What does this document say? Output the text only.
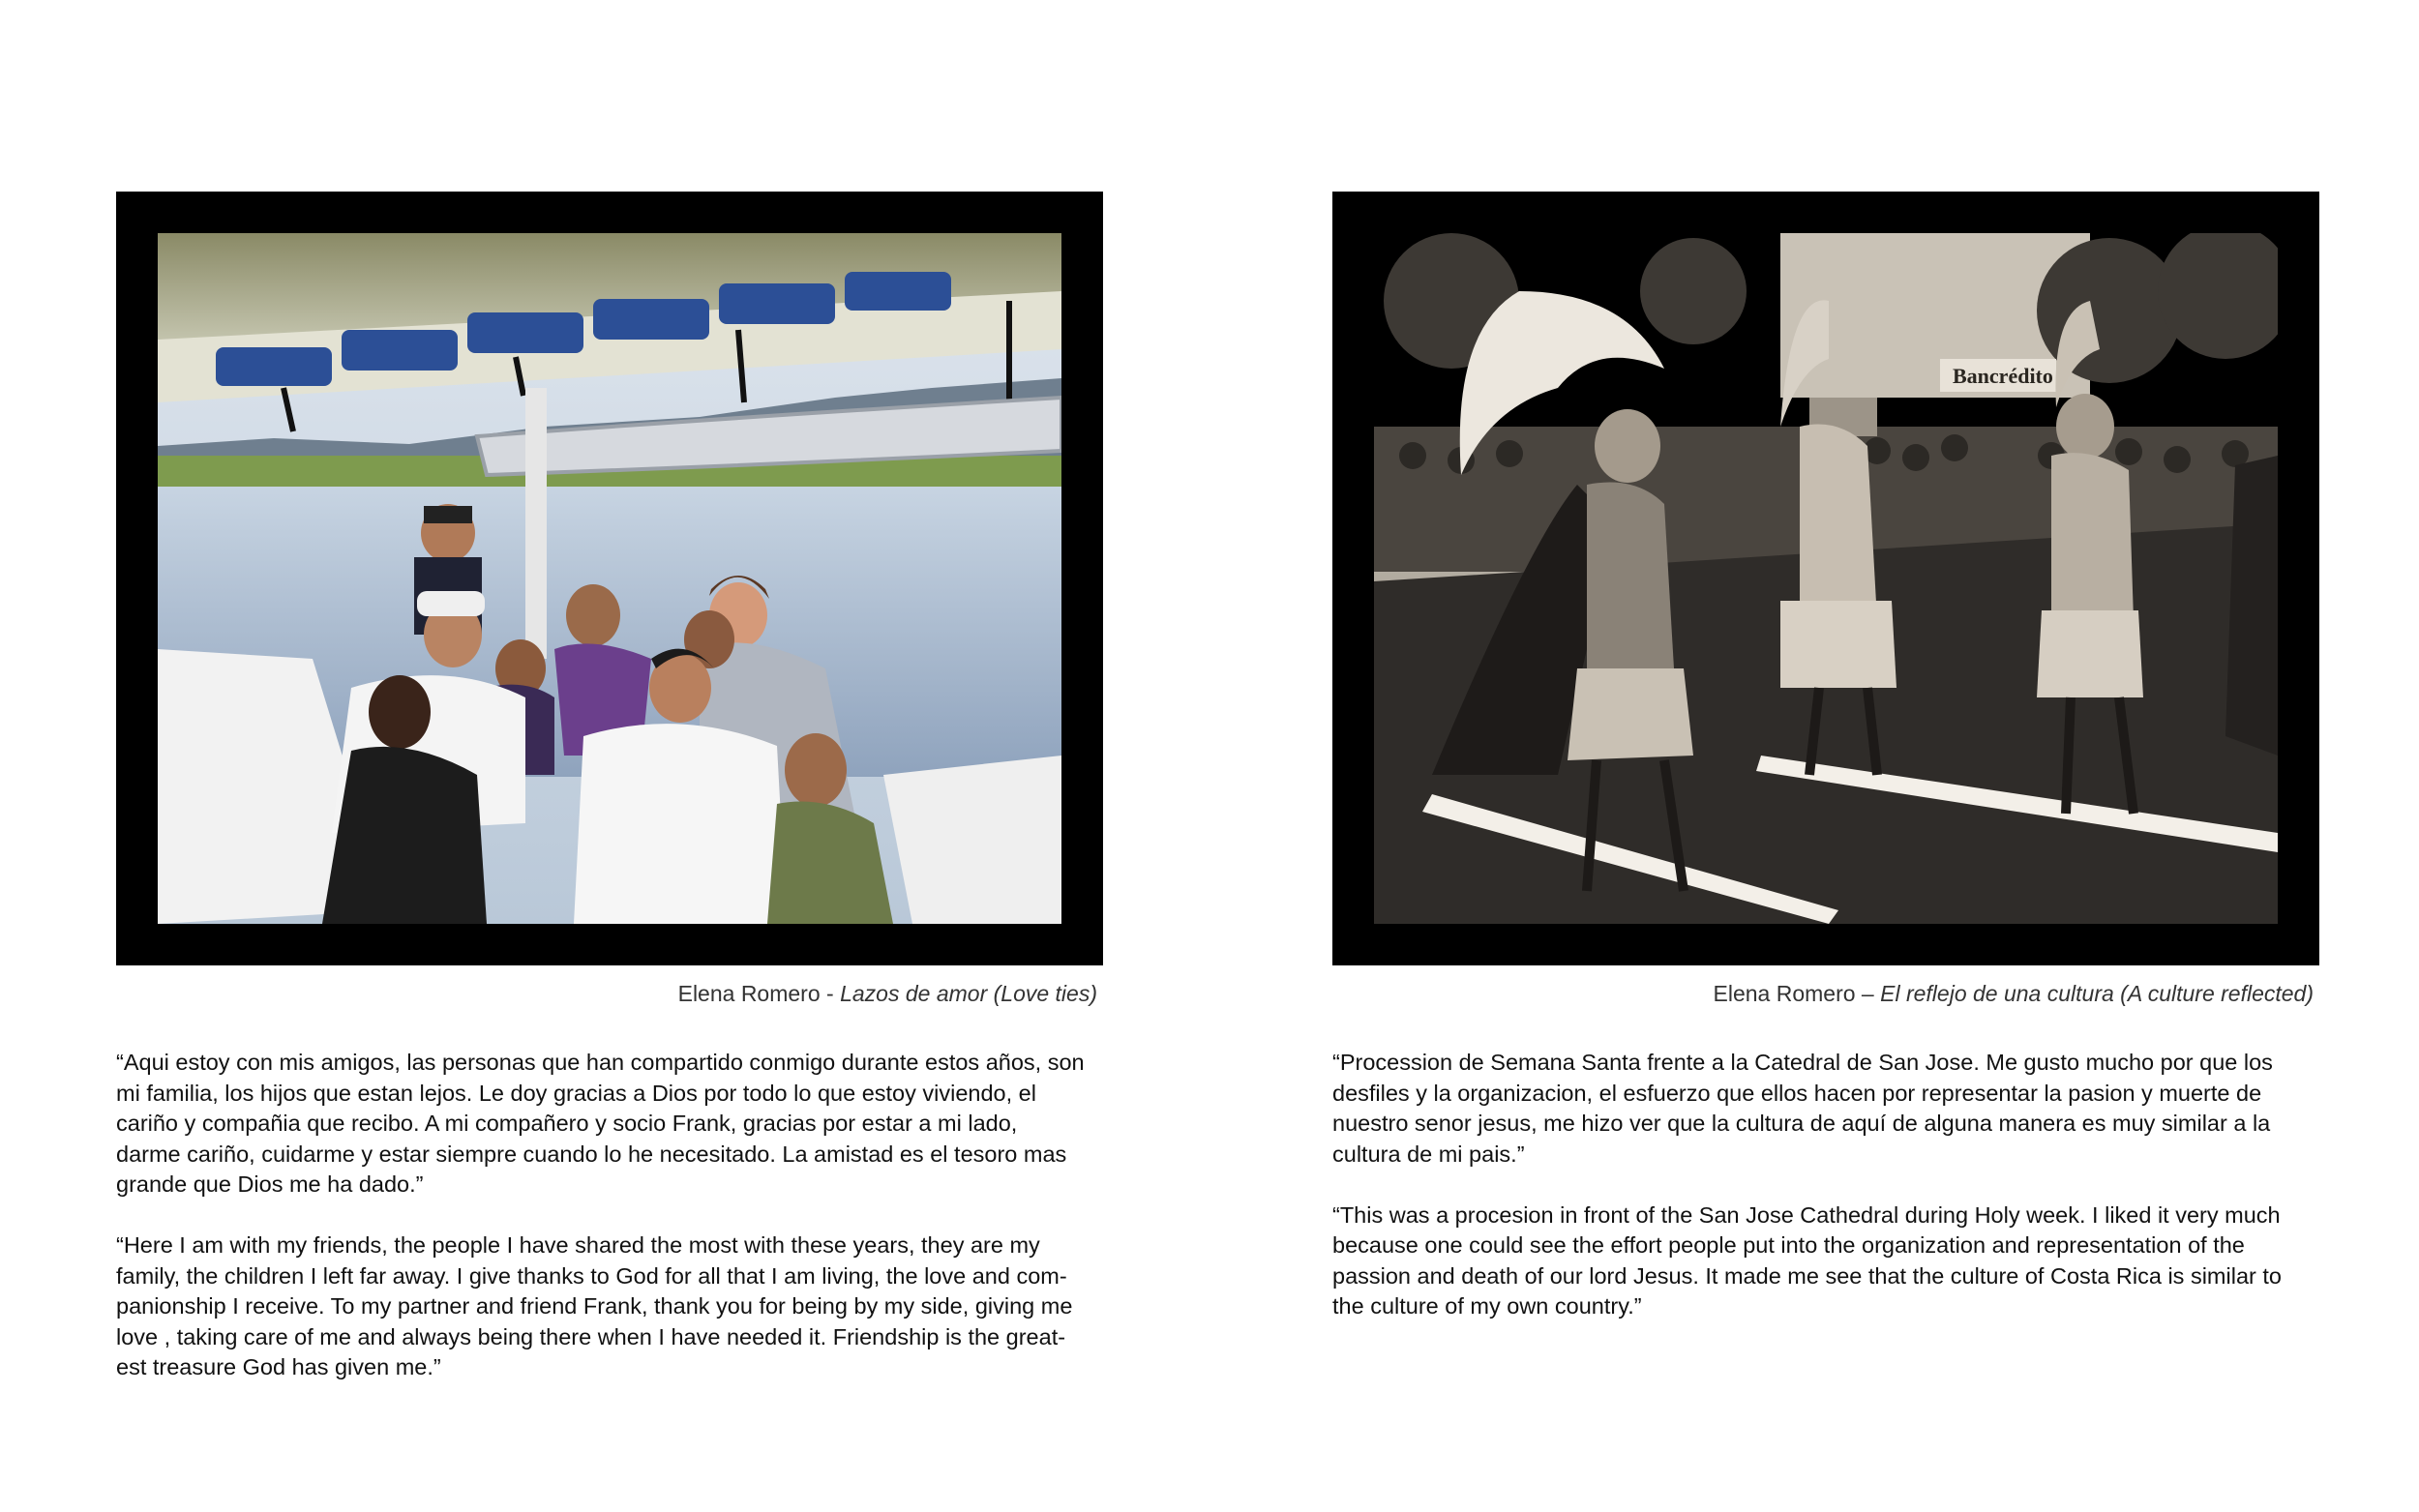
Elena Romero - Lazos de amor (Love ties)

“Aqui estoy con mis amigos, las personas que han compartido conmigo durante estos años, son
mi familia, los hijos que estan lejos. Le doy gracias a Dios por todo lo que estoy viviendo, el
cariño y compañia que recibo. A mi compañero y socio Frank, gracias por estar a mi lado,
darme cariño, cuidarme y estar siempre cuando lo he necesitado. La amistad es el tesoro mas
grande que Dios me ha dado.”

“Here I am with my friends, the people I have shared the most with these years, they are my
family, the children I left far away. I give thanks to God for all that I am living, the love and com-
panionship I receive. To my partner and friend Frank, thank you for being by my side, giving me
love , taking care of me and always being there when I have needed it. Friendship is the great-
est treasure God has given me.”

Bancrédito
Elena Romero – El reflejo de una cultura (A culture reflected)

“Procession de Semana Santa frente a la Catedral de San Jose. Me gusto mucho por que los
desfiles y la organizacion, el esfuerzo que ellos hacen por representar la pasion y muerte de
nuestro senor jesus, me hizo ver que la cultura de aquí de alguna manera es muy similar a la
cultura de mi pais.”

“This was a procesion in front of the San Jose Cathedral during Holy week. I liked it very much
because one could see the effort people put into the organization and representation of the
passion and death of our lord Jesus. It made me see that the culture of Costa Rica is similar to
the culture of my own country.”
